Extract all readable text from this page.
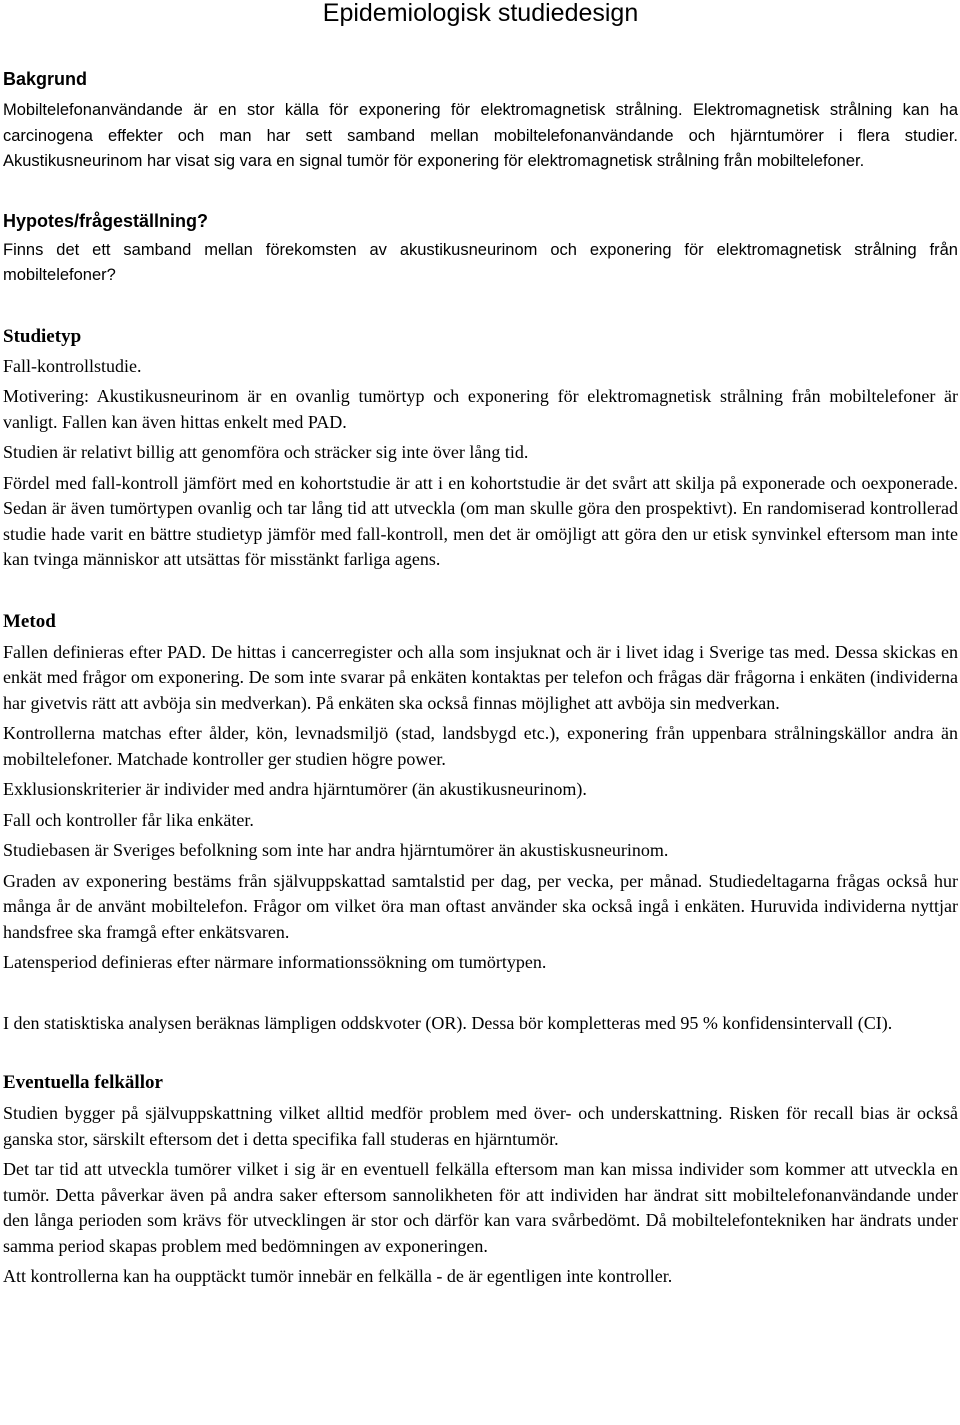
Epidemiologisk studiedesign
Bakgrund

Mobiltelefonanvändande är en stor källa för exponering för elektromagnetisk strålning. Elektromagnetisk strålning kan ha carcinogena effekter och man har sett samband mellan mobiltelefonanvändande och hjärntumörer i flera studier. Akustikusneurinom har visat sig vara en signal tumör för exponering för elektromagnetisk strålning från mobiltelefoner.

Hypotes/frågeställning?

Finns det ett samband mellan förekomsten av akustikusneurinom och exponering för elektromagnetisk strålning från mobiltelefoner?

Studietyp

Fall-kontrollstudie.

Motivering: Akustikusneurinom är en ovanlig tumörtyp och exponering för elektromagnetisk strålning från mobiltelefoner är vanligt. Fallen kan även hittas enkelt med PAD.

Studien är relativt billig att genomföra och sträcker sig inte över lång tid.

Fördel med fall-kontroll jämfört med en kohortstudie är att i en kohortstudie är det svårt att skilja på exponerade och oexponerade. Sedan är även tumörtypen ovanlig och tar lång tid att utveckla (om man skulle göra den prospektivt). En randomiserad kontrollerad studie hade varit en bättre studietyp jämför med fall-kontroll, men det är omöjligt att göra den ur etisk synvinkel eftersom man inte kan tvinga människor att utsättas för misstänkt farliga agens.

Metod

Fallen definieras efter PAD. De hittas i cancerregister och alla som insjuknat och är i livet idag i Sverige tas med. Dessa skickas en enkät med frågor om exponering. De som inte svarar på enkäten kontaktas per telefon och frågas där frågorna i enkäten (individerna har givetvis rätt att avböja sin medverkan). På enkäten ska också finnas möjlighet att avböja sin medverkan.

Kontrollerna matchas efter ålder, kön, levnadsmiljö (stad, landsbygd etc.), exponering från uppenbara strålningskällor andra än mobiltelefoner. Matchade kontroller ger studien högre power.

Exklusionskriterier är individer med andra hjärntumörer (än akustikusneurinom).

Fall och kontroller får lika enkäter.

Studiebasen är Sveriges befolkning som inte har andra hjärntumörer än akustiskusneurinom.

Graden av exponering bestäms från självuppskattad samtalstid per dag, per vecka, per månad. Studiedeltagarna frågas också hur många år de använt mobiltelefon. Frågor om vilket öra man oftast använder ska också ingå i enkäten. Huruvida individerna nyttjar handsfree ska framgå efter enkätsvaren.

Latensperiod definieras efter närmare informationssökning om tumörtypen.

I den statisktiska analysen beräknas lämpligen oddskvoter (OR). Dessa bör kompletteras med 95 % konfidensintervall (CI).

Eventuella felkällor

Studien bygger på självuppskattning vilket alltid medför problem med över- och underskattning. Risken för recall bias är också ganska stor, särskilt eftersom det i detta specifika fall studeras en hjärntumör.

Det tar tid att utveckla tumörer vilket i sig är en eventuell felkälla eftersom man kan missa individer som kommer att utveckla en tumör. Detta påverkar även på andra saker eftersom sannolikheten för att individen har ändrat sitt mobiltelefonanvändande under den långa perioden som krävs för utvecklingen är stor och därför kan vara svårbedömt. Då mobiltelefontekniken har ändrats under samma period skapas problem med bedömningen av exponeringen.

Att kontrollerna kan ha oupptäckt tumör innebär en felkälla - de är egentligen inte kontroller.
